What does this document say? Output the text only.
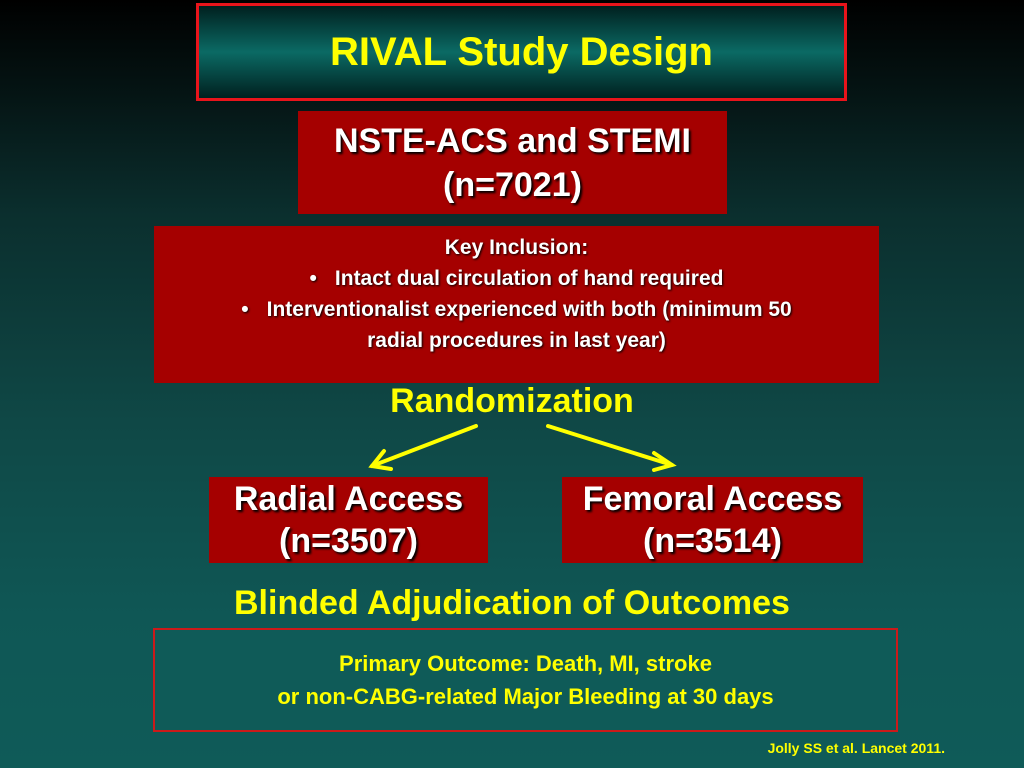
RIVAL Study Design
NSTE-ACS and STEMI
(n=7021)
Key Inclusion:
• Intact dual circulation of hand required
• Interventionalist experienced with both (minimum 50
radial procedures in last year)
Randomization
Radial Access
(n=3507)
Femoral Access
(n=3514)
Blinded Adjudication of Outcomes
Primary Outcome: Death, MI, stroke
or non-CABG-related Major Bleeding at 30 days
Jolly SS et al. Lancet 2011.
